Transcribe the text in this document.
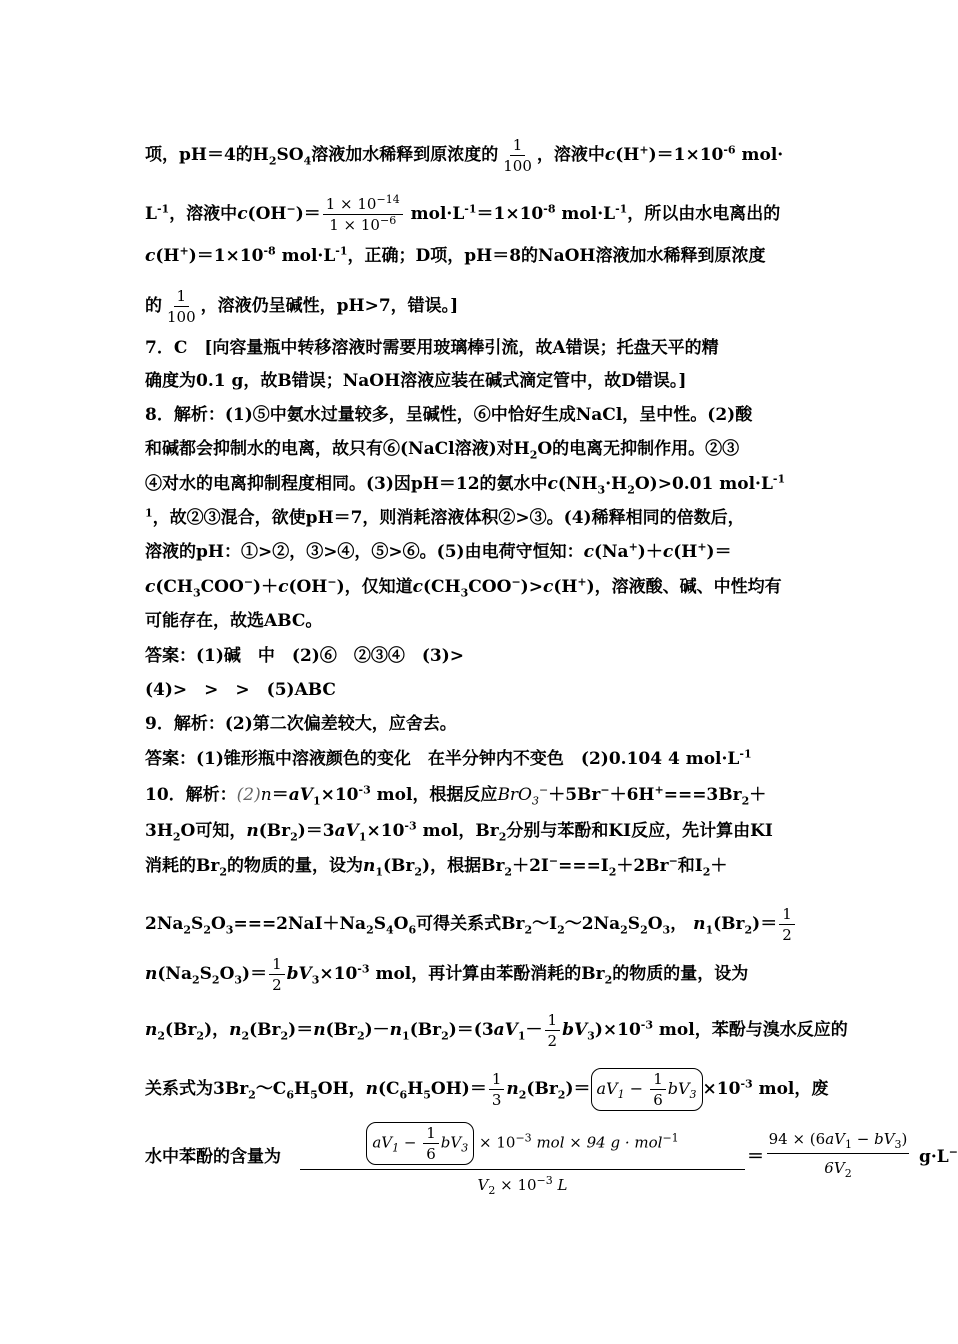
项，pH＝4的$H_2SO_4$溶液加水稀释到原浓度的 $\frac{1}{100}$ ，溶液中$c(H^+)=1\times 10^{-6}$ mol·
$L^{-1}$，溶液中$c(OH^-)= \frac{1 \times 10^{-14}}{1 \times 10^{-6}} mol\cdot L^{-1}=1\times 10^{-8}$ $mol\cdot L^{-1}$，所以由水电离出的
$c(H^+)=1\times 10^{-8}$ $mol\cdot L^{-1}$，正确；D项，pH＝8的NaOH溶液加水稀释到原浓度
的 $\frac{1}{100}$ ，溶液仍呈碱性，pH>7，错误。]
7．C　[向容量瓶中转移溶液时需要用玻璃棒引流，故A错误；托盘天平的精
确度为0.1 g，故B错误；NaOH溶液应装在碱式滴定管中，故D错误。]
8．解析：(1)⑤中氨水过量较多，呈碱性，⑥中恰好生成NaCl，呈中性。(2)酸
和碱都会抑制水的电离，故只有⑥(NaCl溶液)对$H_2O$的电离无抑制作用。②③
④对水的电离抑制程度相同。(3)因pH＝12的氨水中$c(NH_3\cdot H_2O)>0.01$ $mol\cdot L^{-1}$
$^1$，故②③混合，欲使pH＝7，则消耗溶液体积②>③。(4)稀释相同的倍数后，
溶液的pH：①>②，③>④，⑤>⑥。(5)由电荷守恒知：c(Na+)＋c(H+)＝
$c(CH_3COO^-)+c(OH^-)$，仅知道$c(CH_3COO^-)>c(H^+)$，溶液酸、碱、中性均有
可能存在，故选ABC。
答案：(1)碱　中　(2)⑥　②③④　(3)>
(4)>　>　>　(5)ABC
9．解析：(2)第二次偏差较大，应舍去。
答案：(1)锥形瓶中溶液颜色的变化　在半分钟内不变色　(2)0.104 4 $mol\cdot L^{-1}$
10．解析：$(2)n=aV_1\times 10^{-3}$ mol，根据反应$BrO_3^-+5Br^-+6H^+===3Br_2+$
$3H_2O$可知，$n(Br_2)=3aV_1\times 10^{-3}$ mol，$Br_2$分别与苯酚和KI反应，先计算由KI
消耗的$Br_2$的物质的量，设为$n_1(Br_2)$，根据$Br_2+2I^-===I_2+2Br^-$和$I_2+$
$2Na_2S_2O_3===2NaI+Na_2S_4O_6$可得关系式$Br_2\sim I_2\sim 2Na_2S_2O_3$， $n_1(Br_2)= \frac{1}{2}$
$n(Na_2S_2O_3)= \frac{1}{2} bV_3\times 10^{-3}$ mol，再计算由苯酚消耗的$Br_2$的物质的量，设为
$n_2(Br_2)$，$n_2(Br_2)=n(Br_2)-n_1(Br_2)=(3aV_1- \frac{1}{2} bV_3)\times 10^{-3}$ mol，苯酚与溴水反应的
关系式为$3Br_2\sim C_6H_5OH$，$n(C_6H_5OH)= \frac{1}{3} n_2(Br_2)= aV_1 - \frac{1}{6} bV_3 \times 10^{-3}$ mol，废
水中苯酚的含量为
$aV_1 - \frac{1}{6} bV_3 \times 10^{-3}$ mol × 94 g · mol$^{-1}$
$V_2 \times 10^{-3}$ L
＝
$94 \times (6aV_1 - bV_3)$
$6V_2$
g·L−
